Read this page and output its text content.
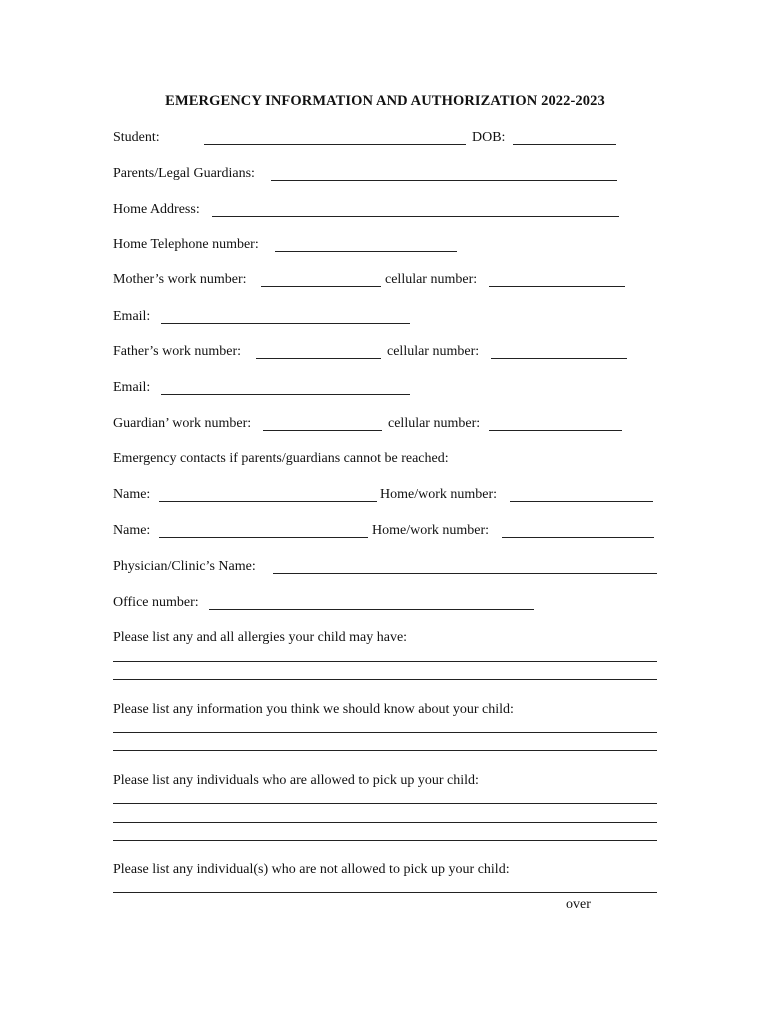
EMERGENCY INFORMATION AND AUTHORIZATION 2022-2023
Student:	DOB:
Parents/Legal Guardians:
Home Address:
Home Telephone number:
Mother’s work number:	cellular number:
Email:
Father’s work number:	cellular number:
Email:
Guardian’ work number:	cellular number:
Emergency contacts if parents/guardians cannot be reached:
Name:	Home/work number:
Name:	Home/work number:
Physician/Clinic’s Name:
Office number:
Please list any and all allergies your child may have:
Please list any information you think we should know about your child:
Please list any individuals who are allowed to pick up your child:
Please list any individual(s) who are not allowed to pick up your child:
over
